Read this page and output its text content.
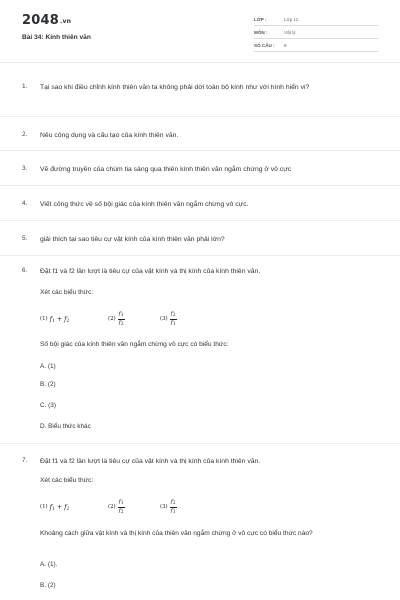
2048.vn
Bài 34: Kính thiên văn
LỚP :	Lớp 11
MÔN :	Vật lý
SỐ CÂU : 8
1. Tại sao khi điều chỉnh kính thiên văn ta không phải dời toàn bộ kính như với hình hiển vi?
2. Nêu công dụng và cấu tạo của kính thiên văn.
3. Vẽ đường truyền của chùm tia sáng qua thiên kính thiên văn ngắm chừng ở vô cực
4. Viết công thức về số bội giác của kính thiên văn ngắm chừng vô cực.
5. giải thích tại sao tiêu cự vật kính của kính thiên văn phải lớn?
6. Đặt f1 và f2 lần lượt là tiêu cự của vật kính và thị kính của kính thiên văn.
Xét các biểu thức:
(1) f1 + f2	(2)
f1
f2
(3)
f2
f1
Số bội giác của kính thiên văn ngắm chừng vô cực có biểu thức:
A. (1)
B. (2)
C. (3)
D. Biểu thức khác
7. Đặt f1 và f2 lần lượt là tiêu cự của vật kính và thị kính của kính thiên văn.
Xét các biểu thức:
(1) f1 + f2	(2)
f1
f2
(3)
f2
f1
Khoảng cách giữa vật kính và thị kính của thiên văn ngắm chừng ở vô cực có biểu thức nào?
A. (1).
B. (2)
